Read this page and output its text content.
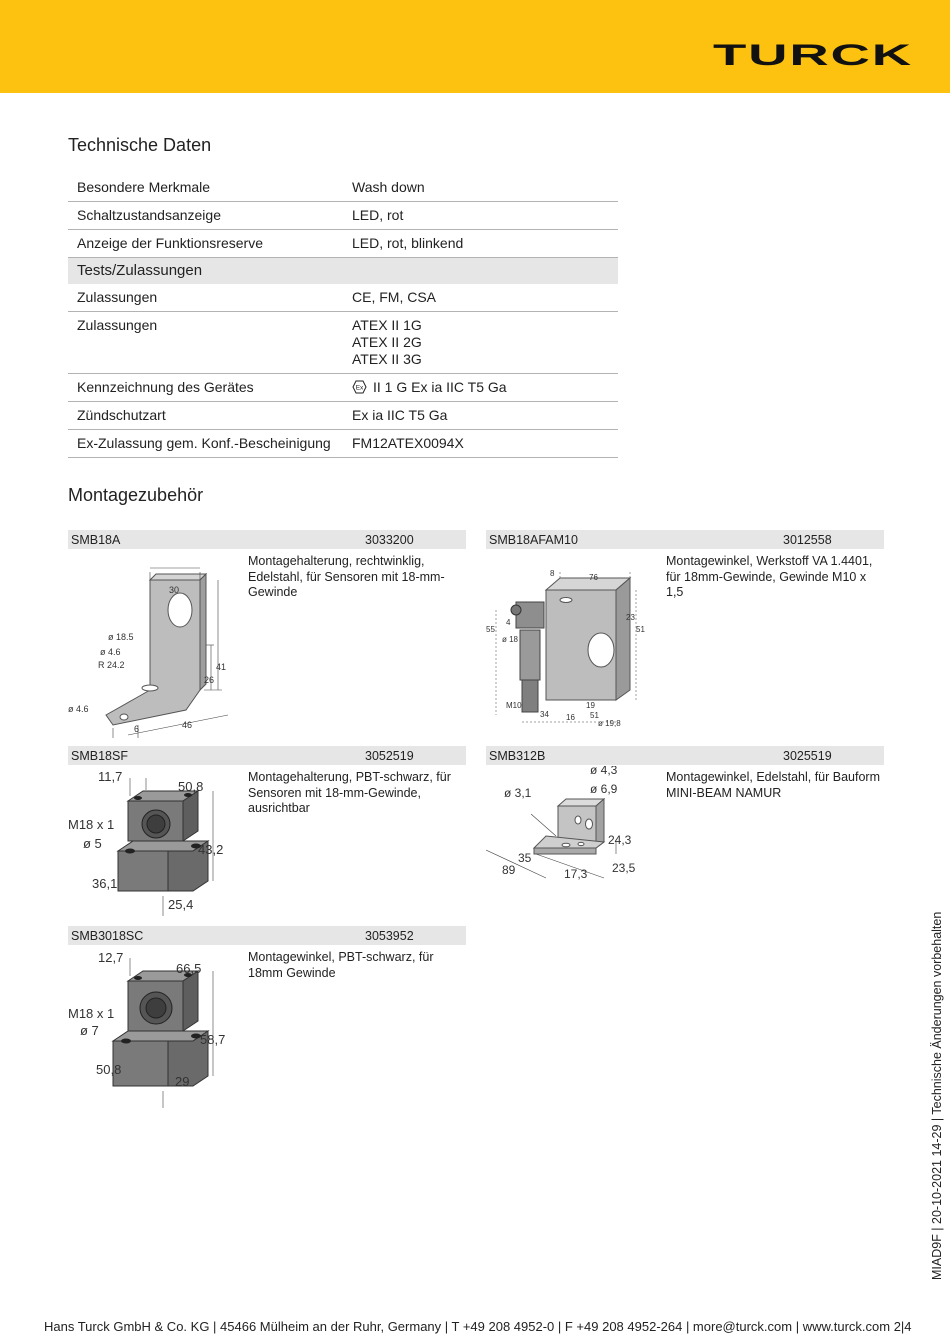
TURCK
Technische Daten
Besondere Merkmale	Wash down
Schaltzustandsanzeige	LED, rot
Anzeige der Funktionsreserve	LED, rot, blinkend
Tests/Zulassungen
Zulassungen	CE, FM, CSA
Zulassungen	ATEX II 1G
ATEX II 2G
ATEX II 3G
Kennzeichnung des Gerätes	Ex II 1 G Ex ia IIC T5 Ga
Zündschutzart	Ex ia IIC T5 Ga
Ex-Zulassung gem. Konf.-Bescheinigung	FM12ATEX0094X
Montagezubehör
SMB18A	3033200
30
ø 18.5
ø 4.6
R 24.2	41
26
ø 4.6
6	46
Montagehalterung, rechtwinklig, Edelstahl, für Sensoren mit 18-mm-Gewinde
SMB18AFAM10	3012558
8	76
4
55
ø 18
23
51
M10
34 16
19
51
ø 19,8
Montagewinkel, Werkstoff VA 1.4401, für 18mm-Gewinde, Gewinde M10 x 1,5
SMB18SF	3052519
11,7
50,8
M18 x 1
ø 5	43,2
36,1
25,4
Montagehalterung, PBT-schwarz, für Sensoren mit 18-mm-Gewinde, ausrichtbar
SMB312B	3025519
ø 4,3
ø 3,1	ø 6,9
24,3
35
89	17,3 23,5
Montagewinkel, Edelstahl, für Bauform MINI-BEAM NAMUR
SMB3018SC	3053952
12,7
66,5
M18 x 1
ø 7
58,7
50,8
29
Montagewinkel, PBT-schwarz, für 18mm Gewinde	MIAD9F | 20-10-2021 14-29 | Technische Änderungen vorbehalten
Hans Turck GmbH & Co. KG | 45466 Mülheim an der Ruhr, Germany | T +49 208 4952-0 | F +49 208 4952-264 | more@turck.com | www.turck.com 2|4
